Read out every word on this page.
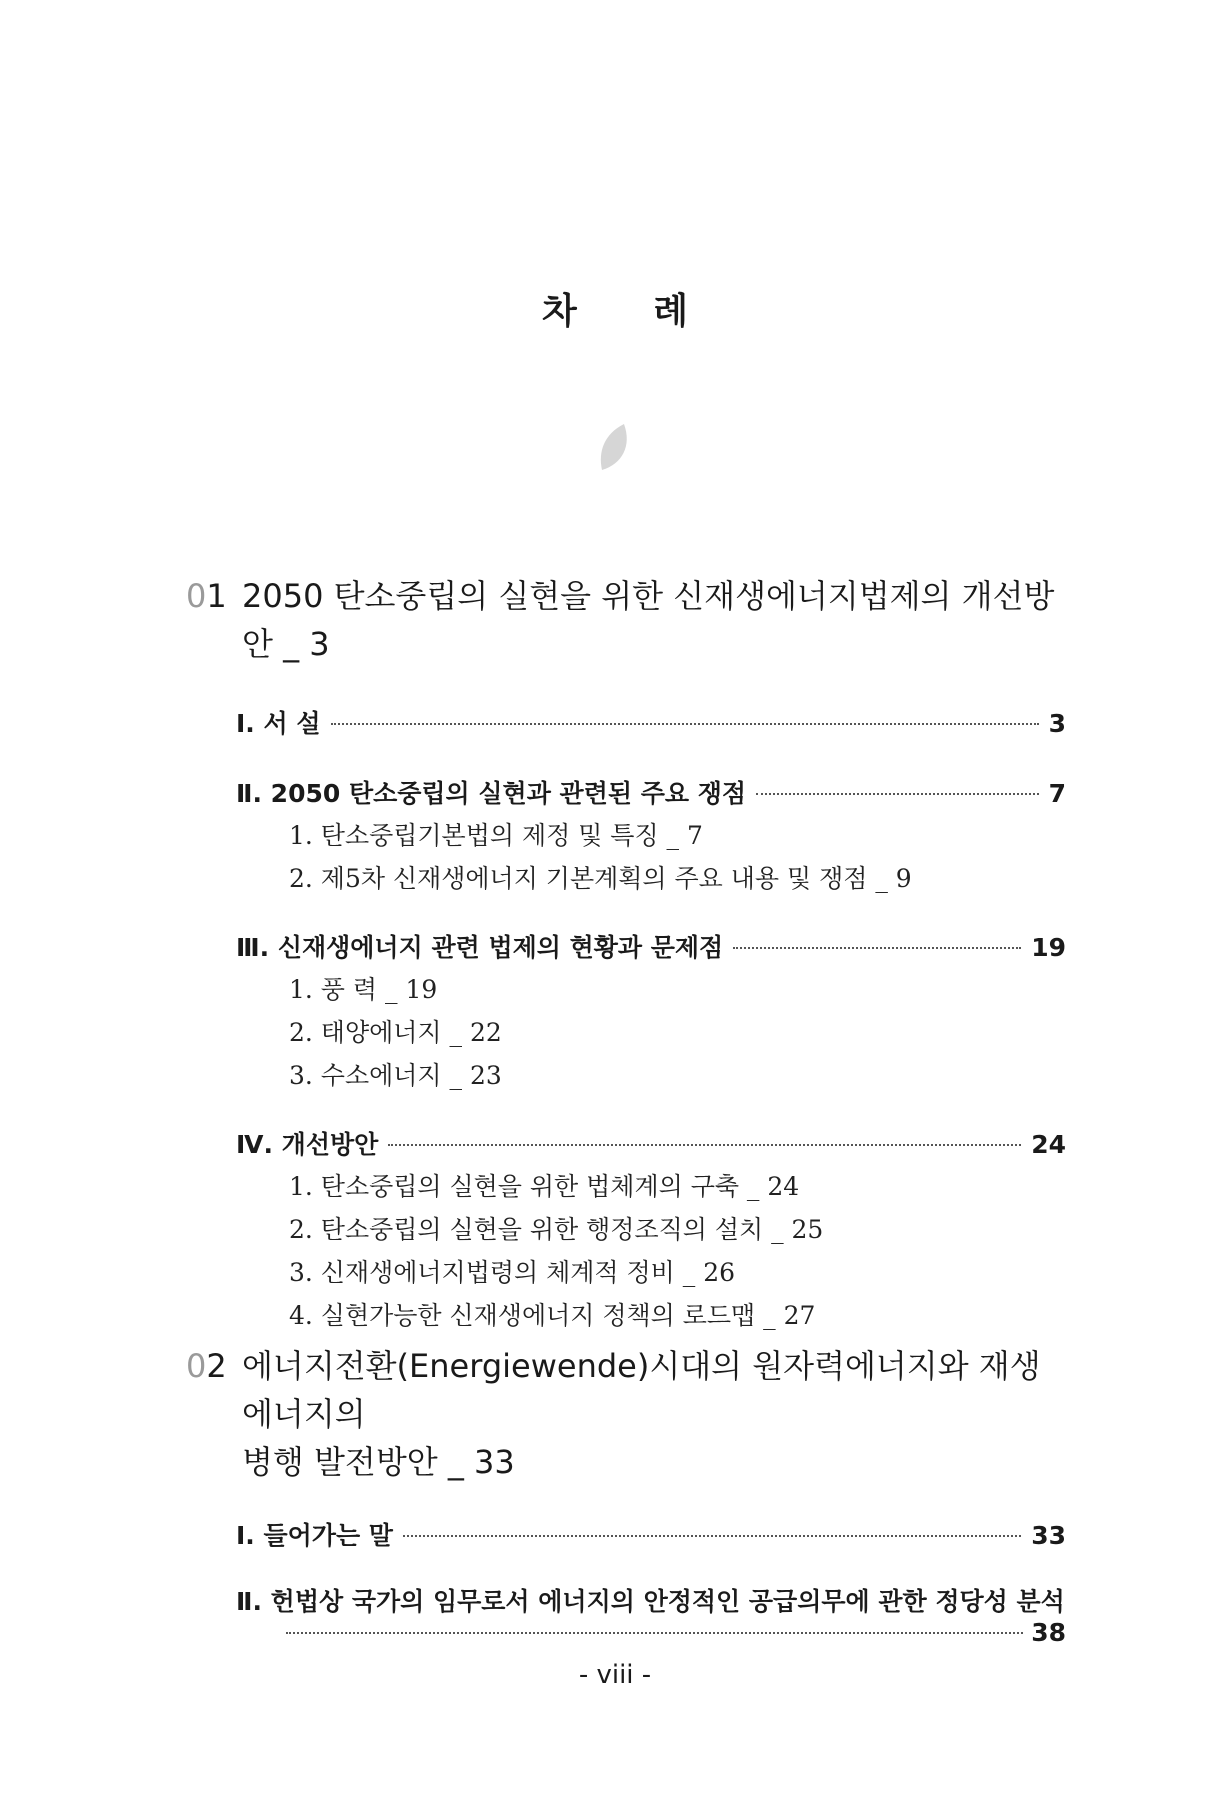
차 례
01 2050 탄소중립의 실현을 위한 신재생에너지법제의 개선방안 _ 3
Ⅰ. 서 설	3
Ⅱ. 2050 탄소중립의 실현과 관련된 주요 쟁점	7
1. 탄소중립기본법의 제정 및 특징 _ 7
2. 제5차 신재생에너지 기본계획의 주요 내용 및 쟁점 _ 9
Ⅲ. 신재생에너지 관련 법제의 현황과 문제점	19
1. 풍 력 _ 19
2. 태양에너지 _ 22
3. 수소에너지 _ 23
Ⅳ. 개선방안	24
1. 탄소중립의 실현을 위한 법체계의 구축 _ 24
2. 탄소중립의 실현을 위한 행정조직의 설치 _ 25
3. 신재생에너지법령의 체계적 정비 _ 26
4. 실현가능한 신재생에너지 정책의 로드맵 _ 27
02 에너지전환(Energiewende)시대의 원자력에너지와 재생에너지의
병행 발전방안 _ 33
Ⅰ. 들어가는 말	33
Ⅱ. 헌법상 국가의 임무로서 에너지의 안정적인 공급의무에 관한 정당성 분석
38
- viii -
